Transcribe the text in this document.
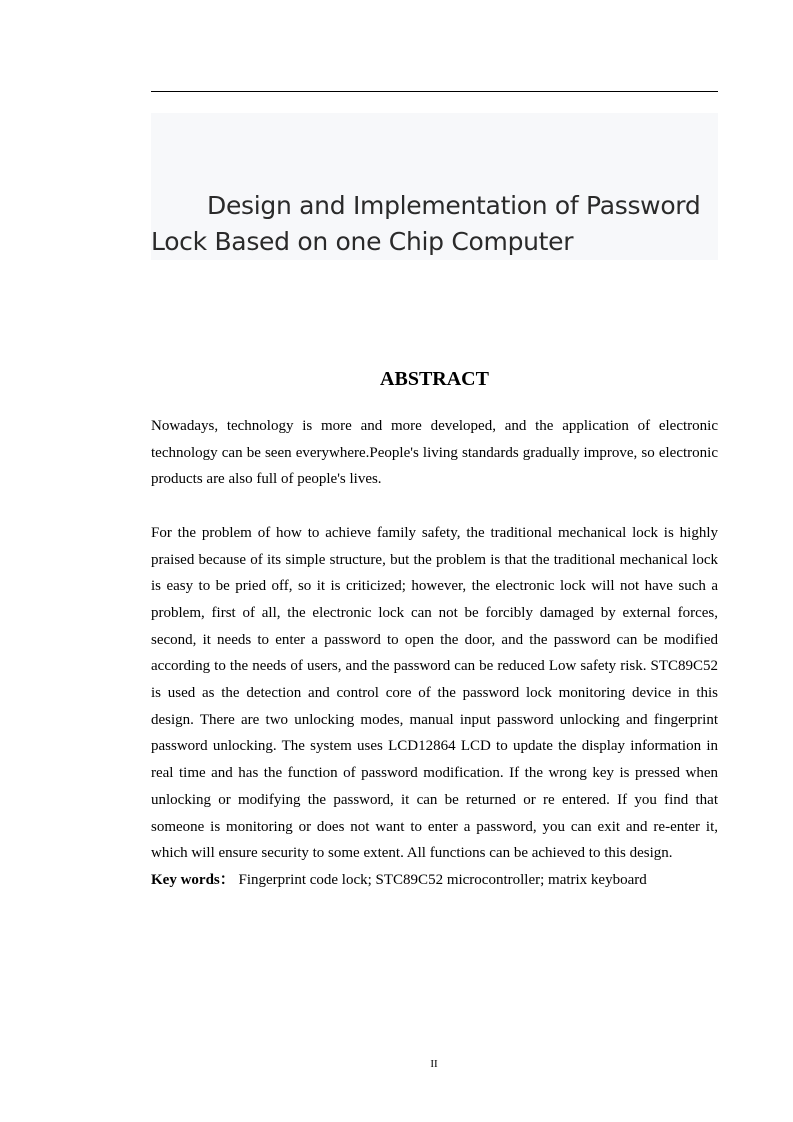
Design and Implementation of Password Lock Based on one Chip Computer
ABSTRACT

Nowadays, technology is more and more developed, and the application of electronic technology can be seen everywhere.People's living standards gradually improve, so electronic products are also full of people's lives.

For the problem of how to achieve family safety, the traditional mechanical lock is highly praised because of its simple structure, but the problem is that the traditional mechanical lock is easy to be pried off, so it is criticized; however, the electronic lock will not have such a problem, first of all, the electronic lock can not be forcibly damaged by external forces, second, it needs to enter a password to open the door, and the password can be modified according to the needs of users, and the password can be reduced Low safety risk. STC89C52 is used as the detection and control core of the password lock monitoring device in this design. There are two unlocking modes, manual input password unlocking and fingerprint password unlocking. The system uses LCD12864 LCD to update the display information in real time and has the function of password modification. If the wrong key is pressed when unlocking or modifying the password, it can be returned or re entered. If you find that someone is monitoring or does not want to enter a password, you can exit and re-enter it, which will ensure security to some extent. All functions can be achieved to this design.

Key words： Fingerprint code lock; STC89C52 microcontroller; matrix keyboard

II
